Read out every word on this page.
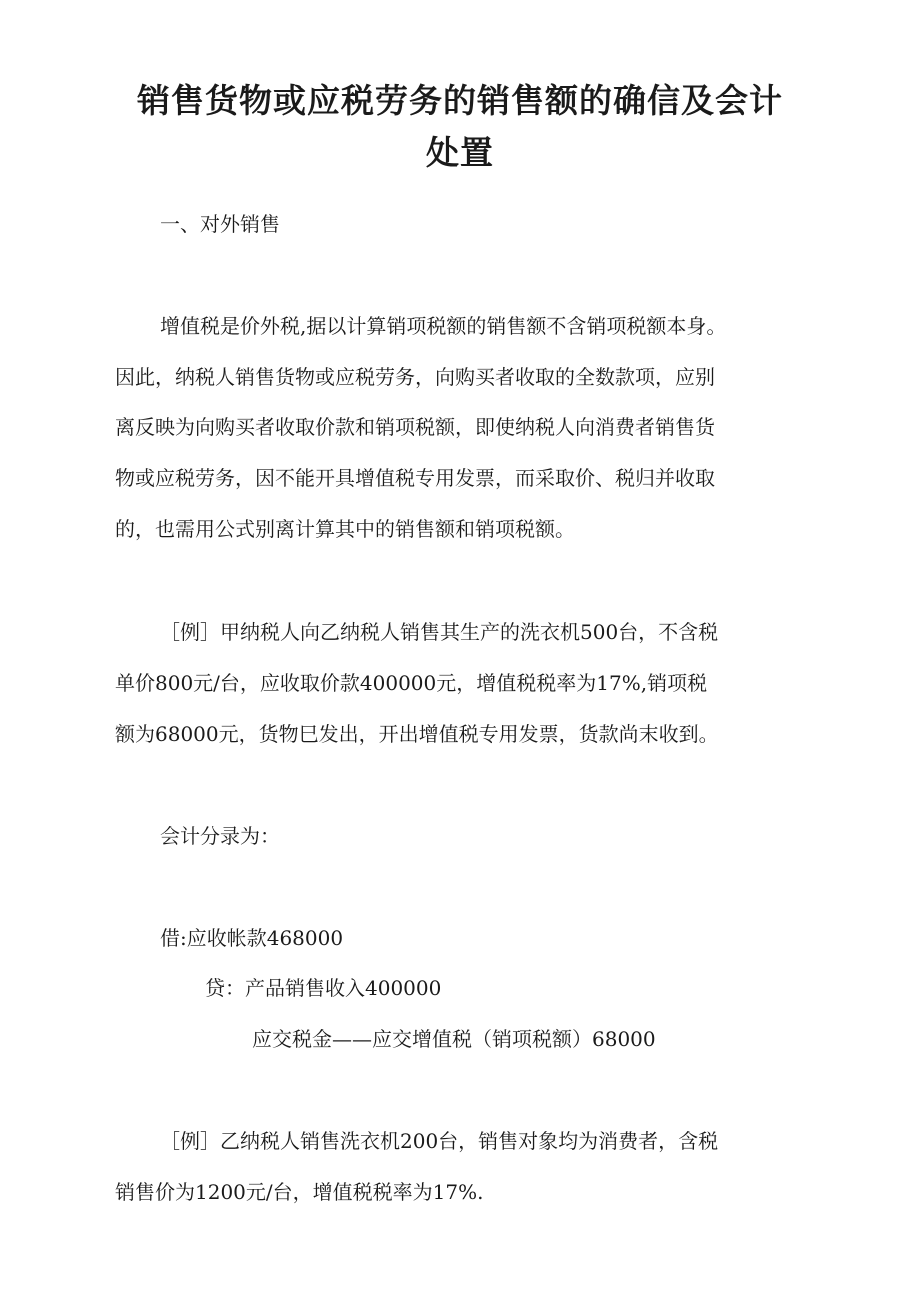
销售货物或应税劳务的销售额的确信及会计
处置

一、对外销售

增值税是价外税,据以计算销项税额的销售额不含销项税额本身。

因此，纳税人销售货物或应税劳务，向购买者收取的全数款项，应别

离反映为向购买者收取价款和销项税额，即使纳税人向消费者销售货

物或应税劳务，因不能开具增值税专用发票，而采取价、税归并收取

的，也需用公式别离计算其中的销售额和销项税额。

［例］甲纳税人向乙纳税人销售其生产的洗衣机500台，不含税

单价800元/台，应收取价款400000元，增值税税率为17%,销项税

额为68000元，货物巳发出，开出增值税专用发票，货款尚末收到。

会计分录为：

借:应收帐款468000

贷：产品销售收入400000

应交税金——应交增值税（销项税额）68000

［例］乙纳税人销售洗衣机200台，销售对象均为消费者，含税

销售价为1200元/台，增值税税率为17%.
